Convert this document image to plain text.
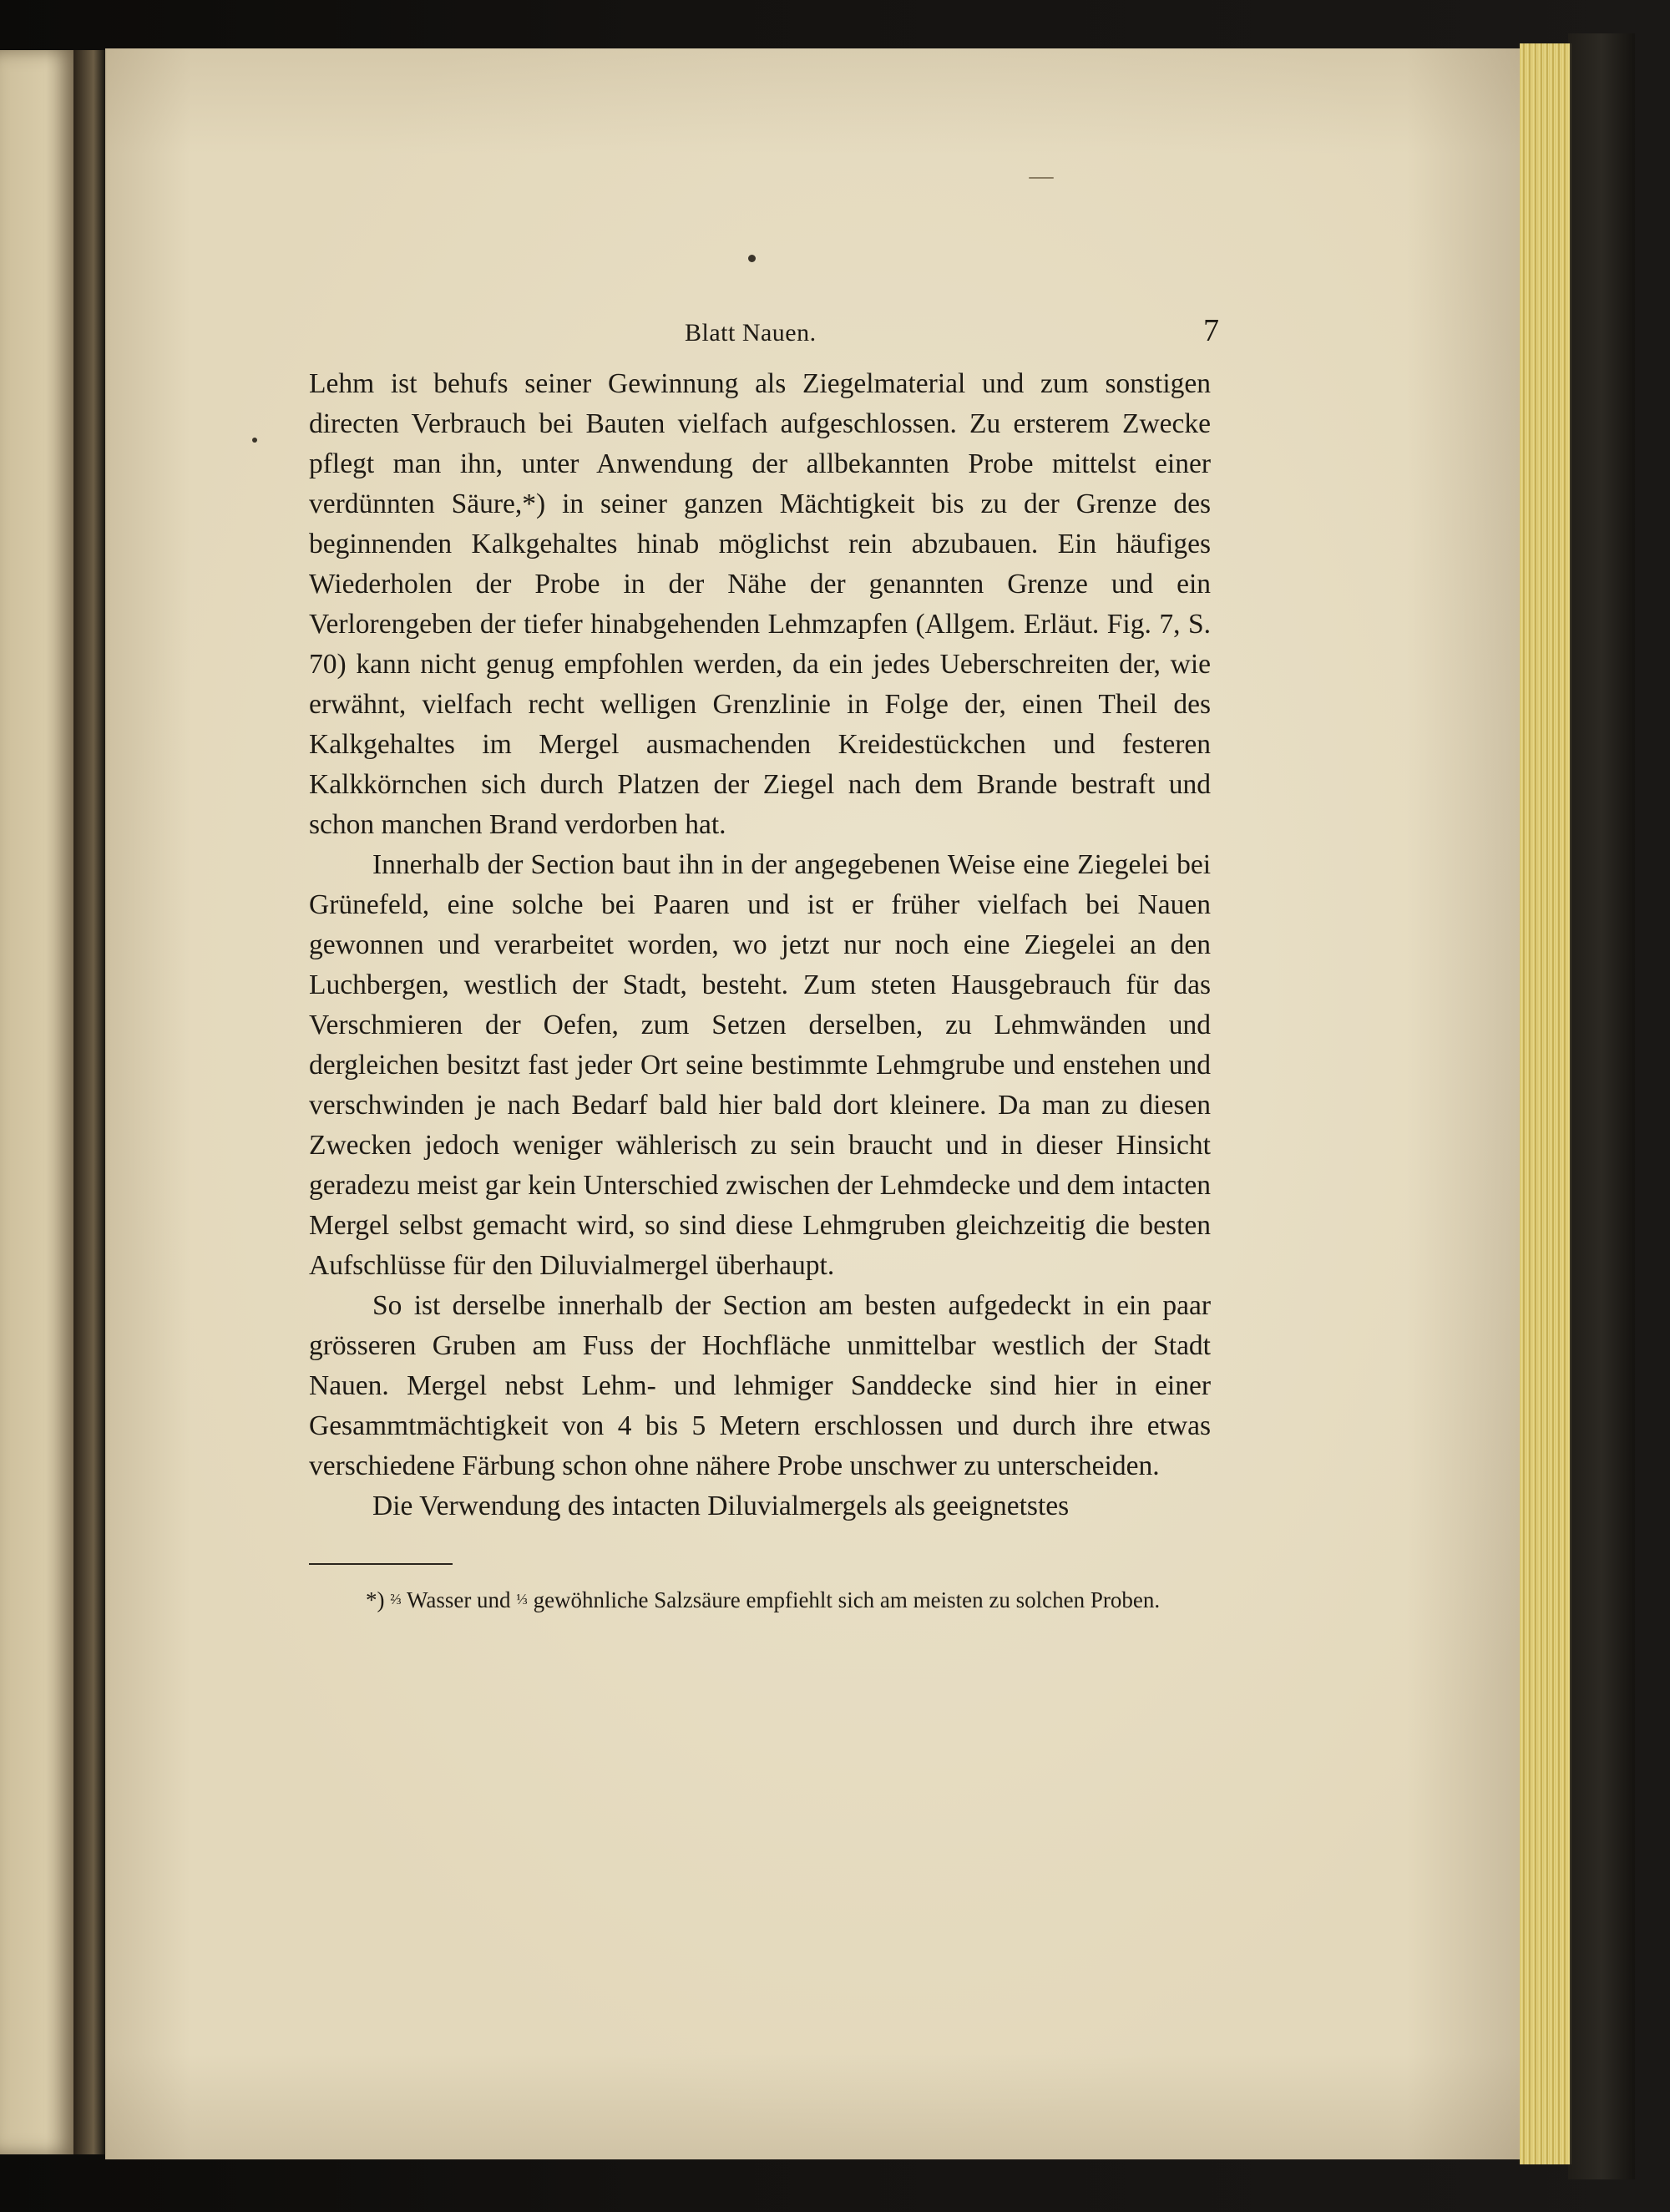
Blatt Nauen.	7

Lehm ist behufs seiner Gewinnung als Ziegelmaterial und zum sonstigen directen Verbrauch bei Bauten vielfach aufgeschlossen. Zu ersterem Zwecke pflegt man ihn, unter Anwendung der allbekannten Probe mittelst einer verdünnten Säure,*) in seiner ganzen Mächtigkeit bis zu der Grenze des beginnenden Kalkgehaltes hinab möglichst rein abzubauen. Ein häufiges Wiederholen der Probe in der Nähe der genannten Grenze und ein Verlorengeben der tiefer hinabgehenden Lehmzapfen (Allgem. Erläut. Fig. 7, S. 70) kann nicht genug empfohlen werden, da ein jedes Ueberschreiten der, wie erwähnt, vielfach recht welligen Grenzlinie in Folge der, einen Theil des Kalkgehaltes im Mergel ausmachenden Kreidestückchen und festeren Kalkkörnchen sich durch Platzen der Ziegel nach dem Brande bestraft und schon manchen Brand verdorben hat.

Innerhalb der Section baut ihn in der angegebenen Weise eine Ziegelei bei Grünefeld, eine solche bei Paaren und ist er früher vielfach bei Nauen gewonnen und verarbeitet worden, wo jetzt nur noch eine Ziegelei an den Luchbergen, westlich der Stadt, besteht. Zum steten Hausgebrauch für das Verschmieren der Oefen, zum Setzen derselben, zu Lehmwänden und dergleichen besitzt fast jeder Ort seine bestimmte Lehmgrube und enstehen und verschwinden je nach Bedarf bald hier bald dort kleinere. Da man zu diesen Zwecken jedoch weniger wählerisch zu sein braucht und in dieser Hinsicht geradezu meist gar kein Unterschied zwischen der Lehmdecke und dem intacten Mergel selbst gemacht wird, so sind diese Lehmgruben gleichzeitig die besten Aufschlüsse für den Diluvialmergel überhaupt.

So ist derselbe innerhalb der Section am besten aufgedeckt in ein paar grösseren Gruben am Fuss der Hochfläche unmittelbar westlich der Stadt Nauen. Mergel nebst Lehm- und lehmiger Sanddecke sind hier in einer Gesammtmächtigkeit von 4 bis 5 Metern erschlossen und durch ihre etwas verschiedene Färbung schon ohne nähere Probe unschwer zu unterscheiden.

Die Verwendung des intacten Diluvialmergels als geeignetstes

*) ⅔ Wasser und ⅓ gewöhnliche Salzsäure empfiehlt sich am meisten zu solchen Proben.
